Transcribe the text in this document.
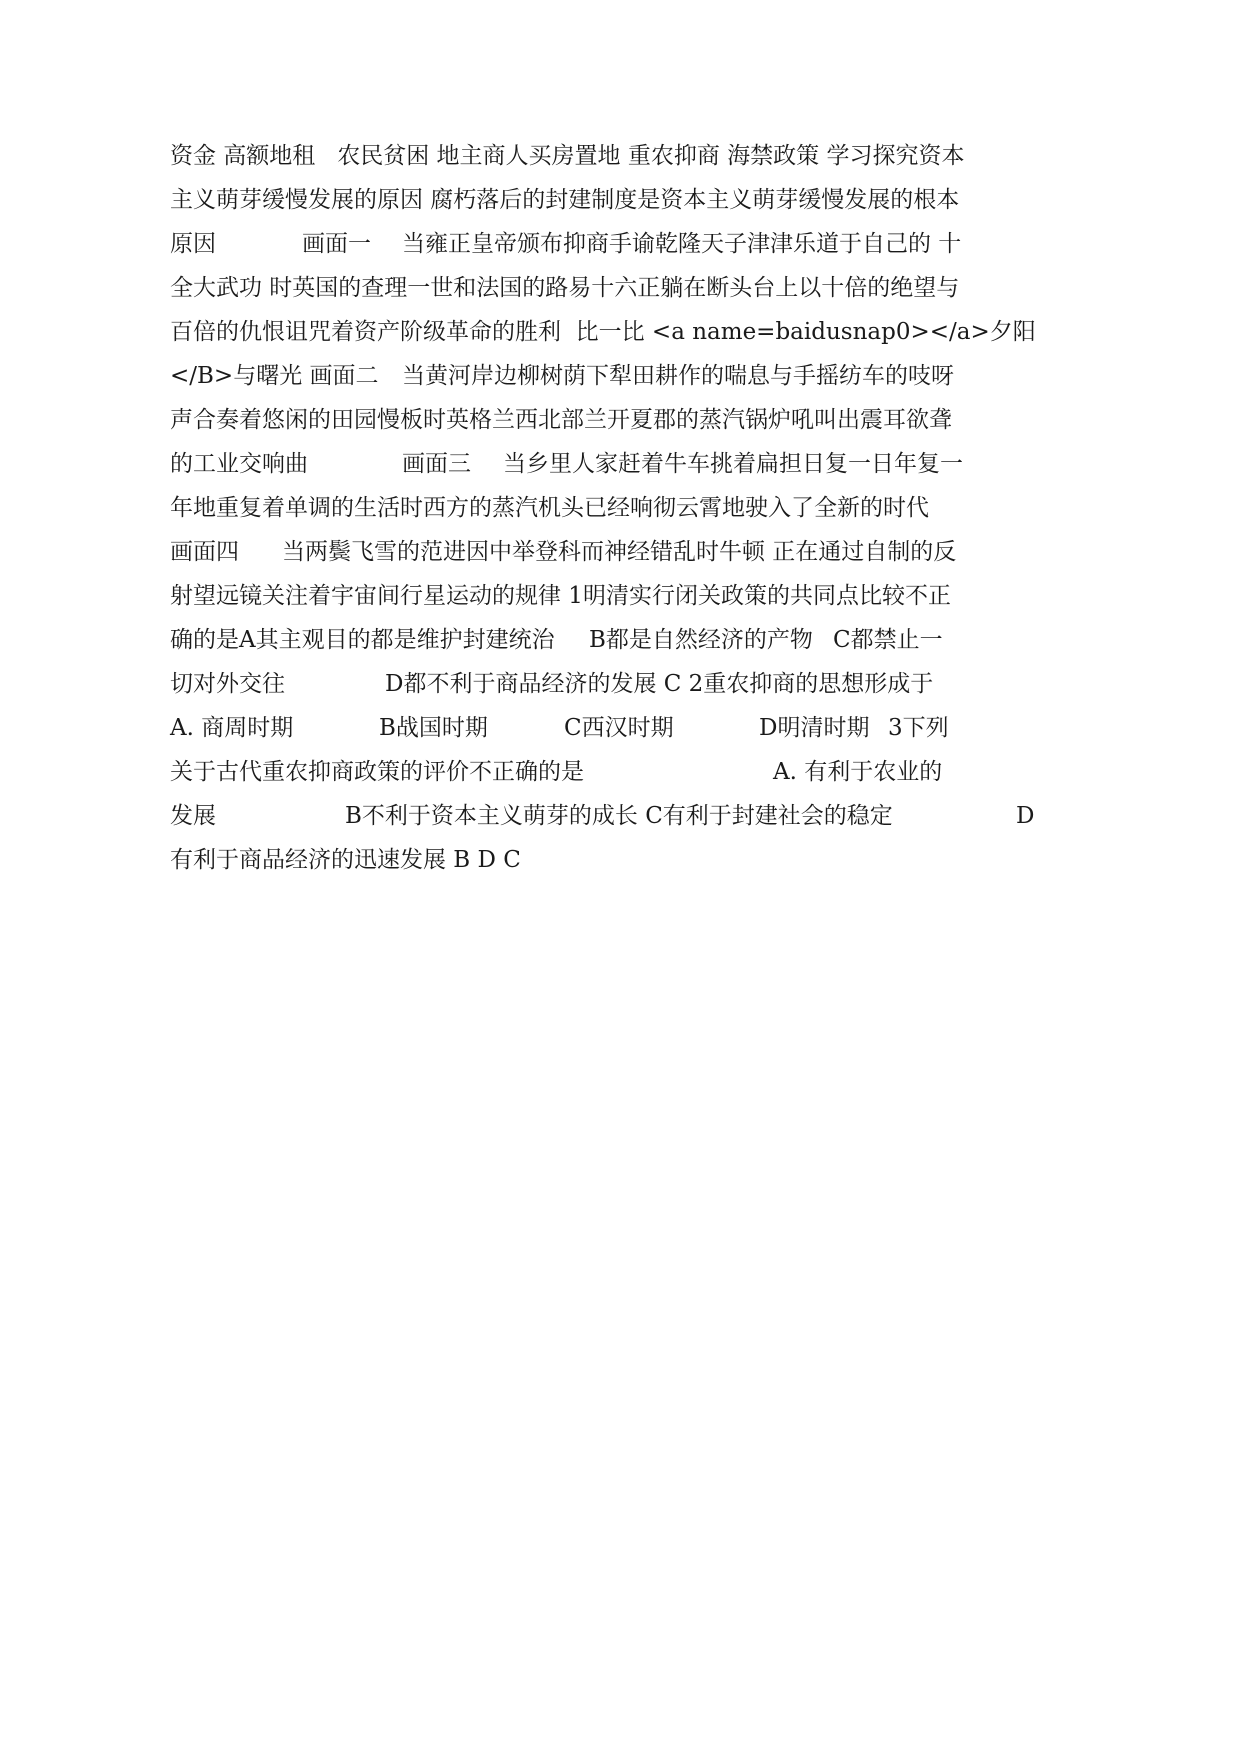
资金 高额地租   农民贫困 地主商人买房置地 重农抑商 海禁政策 学习探究资本

主义萌芽缓慢发展的原因 腐朽落后的封建制度是资本主义萌芽缓慢发展的根本

原因

	画面一

当雍正皇帝颁布抑商手谕乾隆天子津津乐道于自己的 十

全大武功 时英国的查理一世和法国的路易十六正躺在断头台上以十倍的绝望与

百倍的仇恨诅咒着资产阶级革命的胜利  比一比 <a name=baidusnap0></a>夕阳

</B>与曙光 画面二

当黄河岸边柳树荫下犁田耕作的喘息与手摇纺车的吱呀

声合奏着悠闲的田园慢板时英格兰西北部兰开夏郡的蒸汽锅炉吼叫出震耳欲聋

的工业交响曲

	画面三

当乡里人家赶着牛车挑着扁担日复一日年复一

年地重复着单调的生活时西方的蒸汽机头已经响彻云霄地驶入了全新的时代

画面四

当两鬓飞雪的范进因中举登科而神经错乱时牛顿 正在通过自制的反

射望远镜关注着宇宙间行星运动的规律 1明清实行闭关政策的共同点比较不正

确的是A其主观目的都是维护封建统治

B都是自然经济的产物

C都禁止一

切对外交往

	D都不利于商品经济的发展 C 2重农抑商的思想形成于

A. 商周时期

	B战国时期

	C西汉时期

	D明清时期

3下列

关于古代重农抑商政策的评价不正确的是

	A. 有利于农业的

发展

	B不利于资本主义萌芽的成长 C有利于封建社会的稳定

	D

有利于商品经济的迅速发展 B D C
